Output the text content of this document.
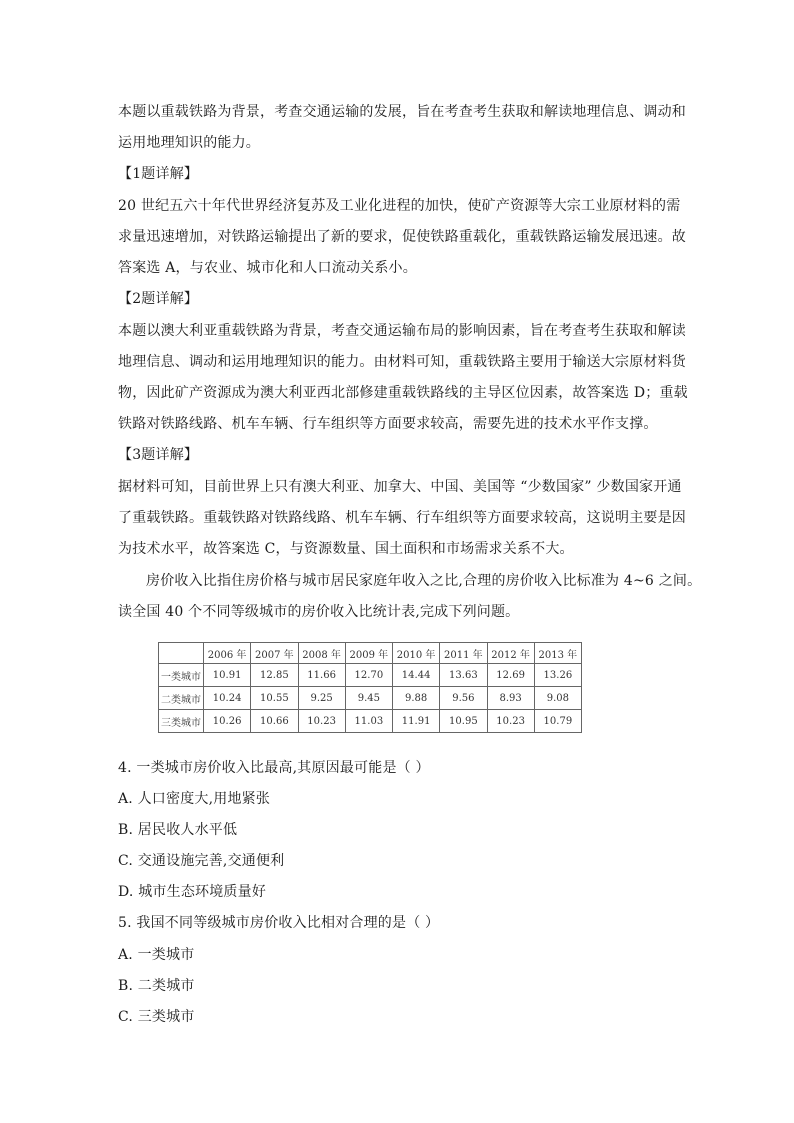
本题以重载铁路为背景，考查交通运输的发展，旨在考查考生获取和解读地理信息、调动和
运用地理知识的能力。
【1题详解】
20 世纪五六十年代世界经济复苏及工业化进程的加快，使矿产资源等大宗工业原材料的需
求量迅速增加，对铁路运输提出了新的要求，促使铁路重载化，重载铁路运输发展迅速。故
答案选 A，与农业、城市化和人口流动关系小。
【2题详解】
本题以澳大利亚重载铁路为背景，考查交通运输布局的影响因素，旨在考查考生获取和解读
地理信息、调动和运用地理知识的能力。由材料可知，重载铁路主要用于输送大宗原材料货
物，因此矿产资源成为澳大利亚西北部修建重载铁路线的主导区位因素，故答案选 D；重载
铁路对铁路线路、机车车辆、行车组织等方面要求较高，需要先进的技术水平作支撑。
【3题详解】
据材料可知，目前世界上只有澳大利亚、加拿大、中国、美国等 “少数国家” 少数国家开通
了重载铁路。重载铁路对铁路线路、机车车辆、行车组织等方面要求较高，这说明主要是因
为技术水平，故答案选 C，与资源数量、国土面积和市场需求关系不大。
房价收入比指住房价格与城市居民家庭年收入之比,合理的房价收入比标准为 4~6 之间。
读全国 40 个不同等级城市的房价收入比统计表,完成下列问题。
	2006 年	2007 年	2008 年	2009 年	2010 年	2011 年	2012 年	2013 年
一类城市	10.91	12.85	11.66	12.70	14.44	13.63	12.69	13.26
二类城市	10.24	10.55	9.25	9.45	9.88	9.56	8.93	9.08
三类城市	10.26	10.66	10.23	11.03	11.91	10.95	10.23	10.79
4. 一类城市房价收入比最高,其原因最可能是（ ）
A. 人口密度大,用地紧张
B. 居民收人水平低
C. 交通设施完善,交通便利
D. 城市生态环境质量好
5. 我国不同等级城市房价收入比相对合理的是（ ）
A. 一类城市
B. 二类城市
C. 三类城市
